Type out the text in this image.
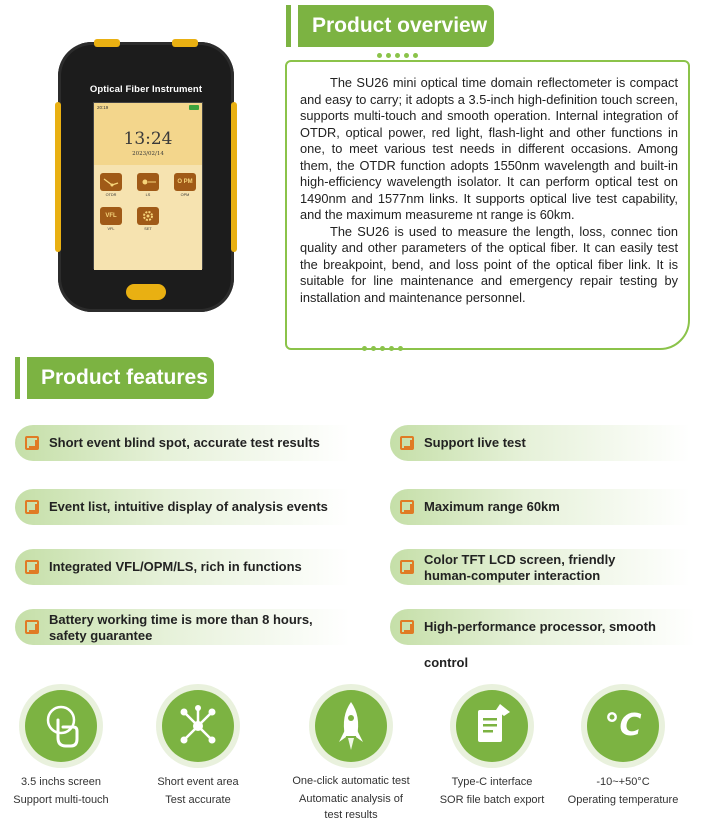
Optical Fiber Instrument
20:19
13:24
2023/02/14
OTDR	LS
O PM
OPM
VFL
VFL	SET
Product overview

The SU26 mini optical time domain reflectometer is compact and easy to carry; it adopts a 3.5-inch high-definition touch screen, supports multi-touch and smooth operation. Internal integration of OTDR, optical power, red light, flash-light and other functions in one, to meet various test needs in different occasions. Among them, the OTDR function adopts 1550nm wavelength and built-in high-efficiency wavelength isolator. It can perform optical test on 1490nm and 1577nm links. It supports optical live test capability, and the maximum measureme nt range is 60km.

The SU26 is used to measure the length, loss, connec tion quality and other parameters of the optical fiber. It can easily test the breakpoint, bend, and loss point of the optical fiber link. It is suitable for line maintenance and emergency repair testing by installation and maintenance personnel.

Product features
Short event blind spot, accurate test results	Support live test
Event list, intuitive display of analysis events	Maximum range 60km
Integrated VFL/OPM/LS, rich in functions	Color TFT LCD screen, friendly human-computer interaction
Battery working time is more than 8 hours, safety guarantee
High-performance processor, smooth control
3.5 inchs screen
Support multi-touch
Short event area
Test accurate
One-click automatic test
Automatic analysis of test results
Type-C interface
SOR file batch export
°C
-10~+50°C
Operating temperature
